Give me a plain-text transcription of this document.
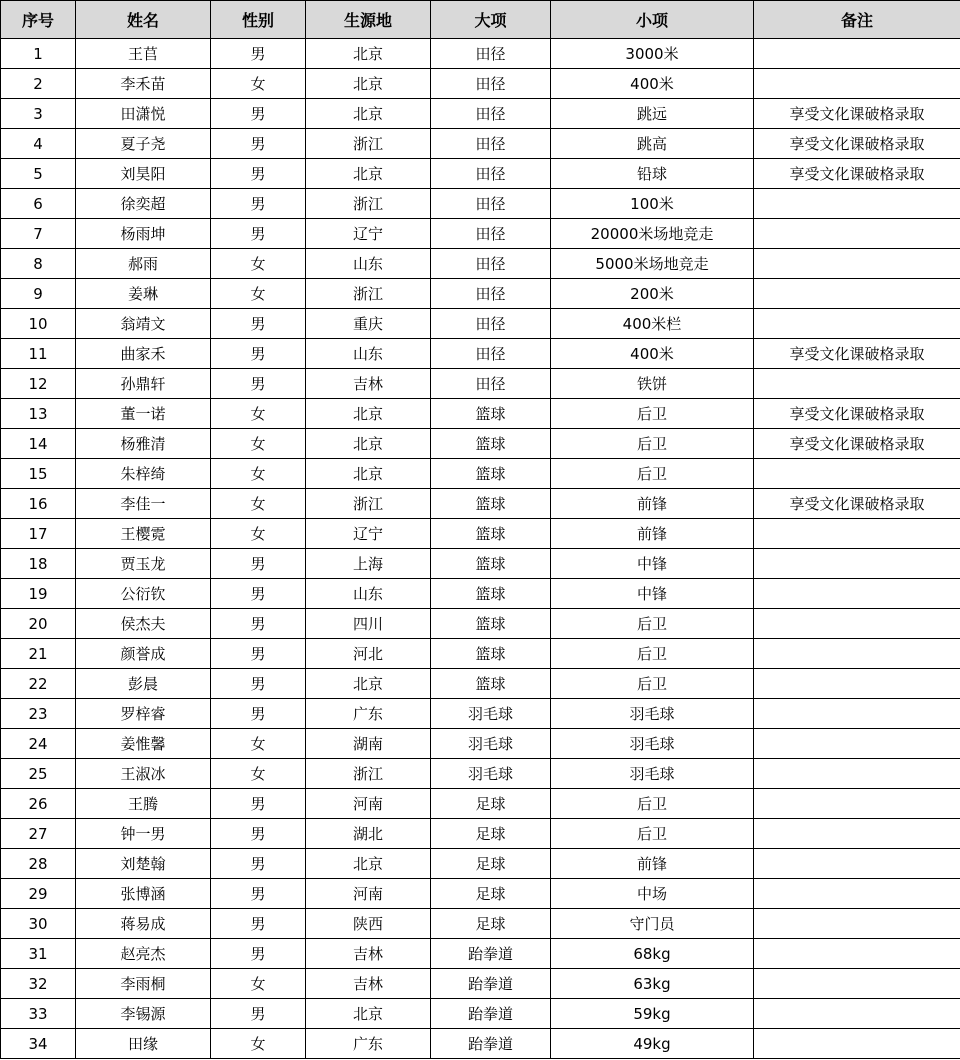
序号	姓名	性别	生源地	大项	小项	备注
1	王苢	男	北京	田径	3000米	
2	李禾苗	女	北京	田径	400米	
3	田潇悦	男	北京	田径	跳远	享受文化课破格录取
4	夏子尧	男	浙江	田径	跳高	享受文化课破格录取
5	刘昊阳	男	北京	田径	铅球	享受文化课破格录取
6	徐奕超	男	浙江	田径	100米	
7	杨雨坤	男	辽宁	田径	20000米场地竞走	
8	郝雨	女	山东	田径	5000米场地竞走	
9	姜琳	女	浙江	田径	200米	
10	翁靖文	男	重庆	田径	400米栏	
11	曲家禾	男	山东	田径	400米	享受文化课破格录取
12	孙鼎轩	男	吉林	田径	铁饼	
13	董一诺	女	北京	篮球	后卫	享受文化课破格录取
14	杨雅清	女	北京	篮球	后卫	享受文化课破格录取
15	朱梓绮	女	北京	篮球	后卫	
16	李佳一	女	浙江	篮球	前锋	享受文化课破格录取
17	王樱霓	女	辽宁	篮球	前锋	
18	贾玉龙	男	上海	篮球	中锋	
19	公衍钦	男	山东	篮球	中锋	
20	侯杰夫	男	四川	篮球	后卫	
21	颜誉成	男	河北	篮球	后卫	
22	彭晨	男	北京	篮球	后卫	
23	罗梓睿	男	广东	羽毛球	羽毛球	
24	姜惟馨	女	湖南	羽毛球	羽毛球	
25	王淑冰	女	浙江	羽毛球	羽毛球	
26	王腾	男	河南	足球	后卫	
27	钟一男	男	湖北	足球	后卫	
28	刘楚翰	男	北京	足球	前锋	
29	张博涵	男	河南	足球	中场	
30	蒋易成	男	陕西	足球	守门员	
31	赵亮杰	男	吉林	跆拳道	68kg	
32	李雨桐	女	吉林	跆拳道	63kg	
33	李锡源	男	北京	跆拳道	59kg	
34	田缘	女	广东	跆拳道	49kg	
